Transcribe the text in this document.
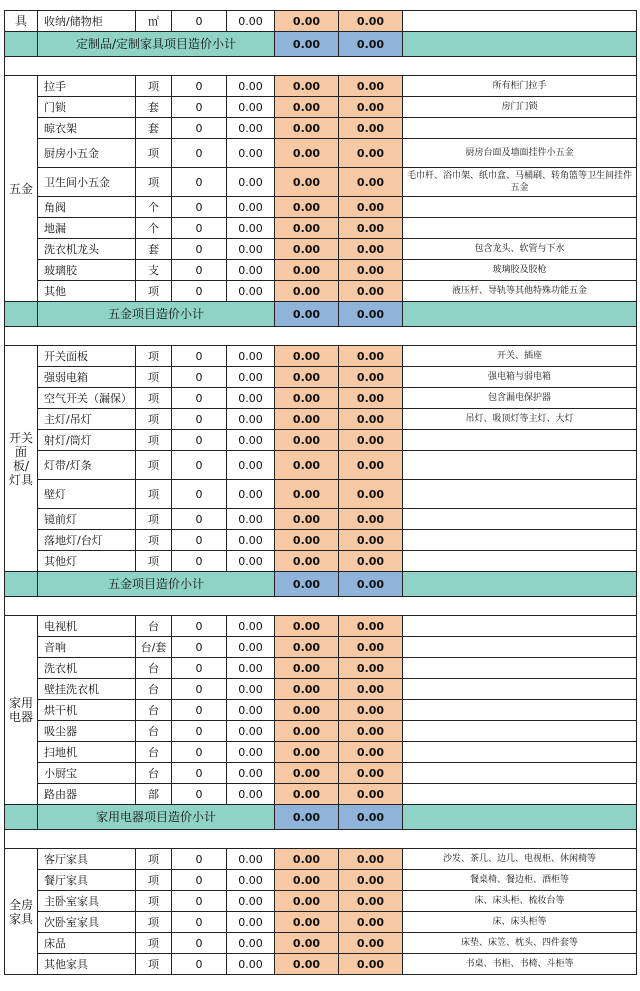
具	收纳/储物柜	㎡	0	0.00	0.00	0.00	
	定制品/定制家具项目造价小计				0.00	0.00	

五金	拉手	项	0	0.00	0.00	0.00	所有柜门拉手
	门锁	套	0	0.00	0.00	0.00	房门门锁
	晾衣架	套	0	0.00	0.00	0.00	
	厨房小五金	项	0	0.00	0.00	0.00	厨房台面及墙面挂件小五金
	卫生间小五金	项	0	0.00	0.00	0.00	毛巾杆、浴巾架、纸巾盒、马桶刷、转角篮等卫生间挂件五金
	角阀	个	0	0.00	0.00	0.00	
	地漏	个	0	0.00	0.00	0.00	
	洗衣机龙头	套	0	0.00	0.00	0.00	包含龙头、软管与下水
	玻璃胶	支	0	0.00	0.00	0.00	玻璃胶及胶枪
	其他	项	0	0.00	0.00	0.00	液压杆、导轨等其他特殊功能五金
	五金项目造价小计				0.00	0.00	

开关面板/灯具	开关面板	项	0	0.00	0.00	0.00	开关、插座
	强弱电箱	项	0	0.00	0.00	0.00	强电箱与弱电箱
	空气开关（漏保）	项	0	0.00	0.00	0.00	包含漏电保护器
	主灯/吊灯	项	0	0.00	0.00	0.00	吊灯、吸顶灯等主灯、大灯
	射灯/筒灯	项	0	0.00	0.00	0.00	
	灯带/灯条	项	0	0.00	0.00	0.00	
	壁灯	项	0	0.00	0.00	0.00	
	镜前灯	项	0	0.00	0.00	0.00	
	落地灯/台灯	项	0	0.00	0.00	0.00	
	其他灯	项	0	0.00	0.00	0.00	
	五金项目造价小计				0.00	0.00	

家用电器	电视机	台	0	0.00	0.00	0.00	
	音响	台/套	0	0.00	0.00	0.00	
	洗衣机	台	0	0.00	0.00	0.00	
	壁挂洗衣机	台	0	0.00	0.00	0.00	
	烘干机	台	0	0.00	0.00	0.00	
	吸尘器	台	0	0.00	0.00	0.00	
	扫地机	台	0	0.00	0.00	0.00	
	小厨宝	台	0	0.00	0.00	0.00	
	路由器	部	0	0.00	0.00	0.00	
	家用电器项目造价小计				0.00	0.00	

全房家具	客厅家具	项	0	0.00	0.00	0.00	沙发、茶几、边几、电视柜、休闲椅等
	餐厅家具	项	0	0.00	0.00	0.00	餐桌椅、餐边柜、酒柜等
	主卧室家具	项	0	0.00	0.00	0.00	床、床头柜、梳妆台等
	次卧室家具	项	0	0.00	0.00	0.00	床、床头柜等
	床品	项	0	0.00	0.00	0.00	床垫、床笠、枕头、四件套等
	其他家具	项	0	0.00	0.00	0.00	书桌、书柜、书椅、斗柜等
